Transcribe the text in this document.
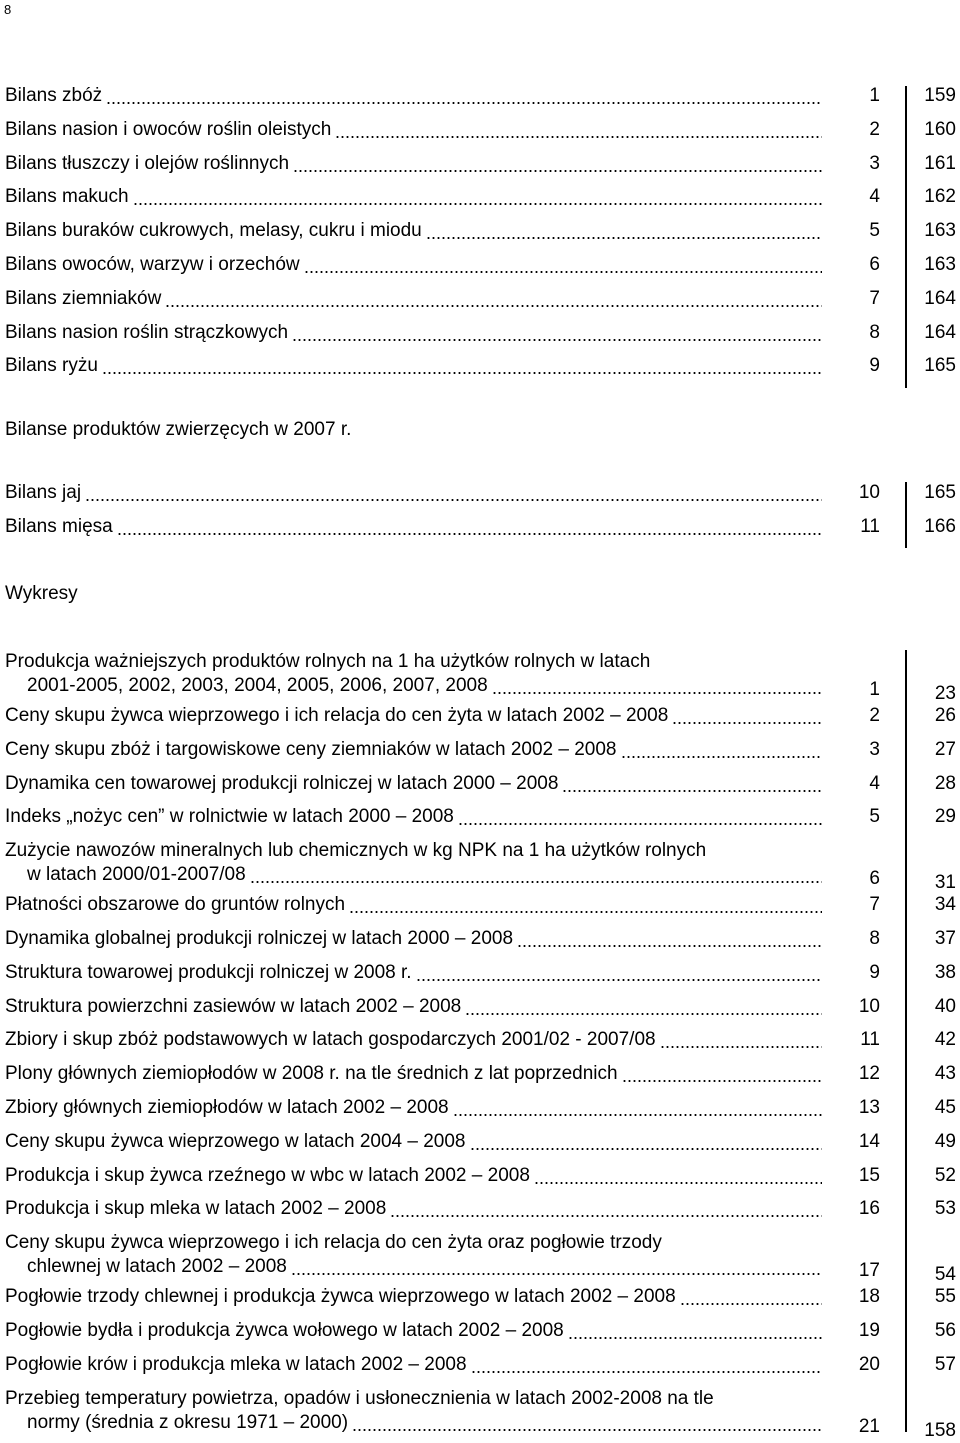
8
Bilans zbóż	1	159
Bilans nasion i owoców roślin oleistych	2	160
Bilans tłuszczy i olejów roślinnych	3	161
Bilans makuch	4	162
Bilans buraków cukrowych, melasy, cukru i miodu	5	163
Bilans owoców, warzyw i orzechów	6	163
Bilans ziemniaków	7	164
Bilans nasion roślin strączkowych	8	164
Bilans ryżu	9	165
Bilanse produktów zwierzęcych w 2007 r.
Bilans jaj	10	165
Bilans mięsa	11	166
Wykresy
Produkcja ważniejszych produktów rolnych na 1 ha użytków rolnych w latach
2001-2005, 2002, 2003, 2004, 2005, 2006, 2007, 2008	1	23
Ceny skupu żywca wieprzowego i ich relacja do cen żyta w latach 2002 – 2008	2	26
Ceny skupu zbóż i targowiskowe ceny ziemniaków w latach 2002 – 2008	3	27
Dynamika cen towarowej produkcji rolniczej w latach 2000 – 2008	4	28
Indeks „nożyc cen” w rolnictwie w latach 2000 – 2008	5	29
Zużycie nawozów mineralnych lub chemicznych w kg NPK na 1 ha użytków rolnych
w latach 2000/01-2007/08	6	31
Płatności obszarowe do gruntów rolnych	7	34
Dynamika globalnej produkcji rolniczej w latach 2000 – 2008	8	37
Struktura towarowej produkcji rolniczej w 2008 r.	9	38
Struktura powierzchni zasiewów w latach 2002 – 2008	10	40
Zbiory i skup zbóż podstawowych w latach gospodarczych 2001/02 - 2007/08	11	42
Plony głównych ziemiopłodów w 2008 r. na tle średnich z lat poprzednich	12	43
Zbiory głównych ziemiopłodów w latach 2002 – 2008	13	45
Ceny skupu żywca wieprzowego w latach 2004 – 2008	14	49
Produkcja i skup żywca rzeźnego w wbc w latach 2002 – 2008	15	52
Produkcja i skup mleka w latach 2002 – 2008	16	53
Ceny skupu żywca wieprzowego i ich relacja do cen żyta oraz pogłowie trzody
chlewnej w latach 2002 – 2008	17	54
Pogłowie trzody chlewnej i produkcja żywca wieprzowego w latach 2002 – 2008	18	55
Pogłowie bydła i produkcja żywca wołowego w latach 2002 – 2008	19	56
Pogłowie krów i produkcja mleka w latach 2002 – 2008	20	57
Przebieg temperatury powietrza, opadów i usłonecznienia w latach 2002-2008 na tle
normy (średnia z okresu 1971 – 2000)	21	158
